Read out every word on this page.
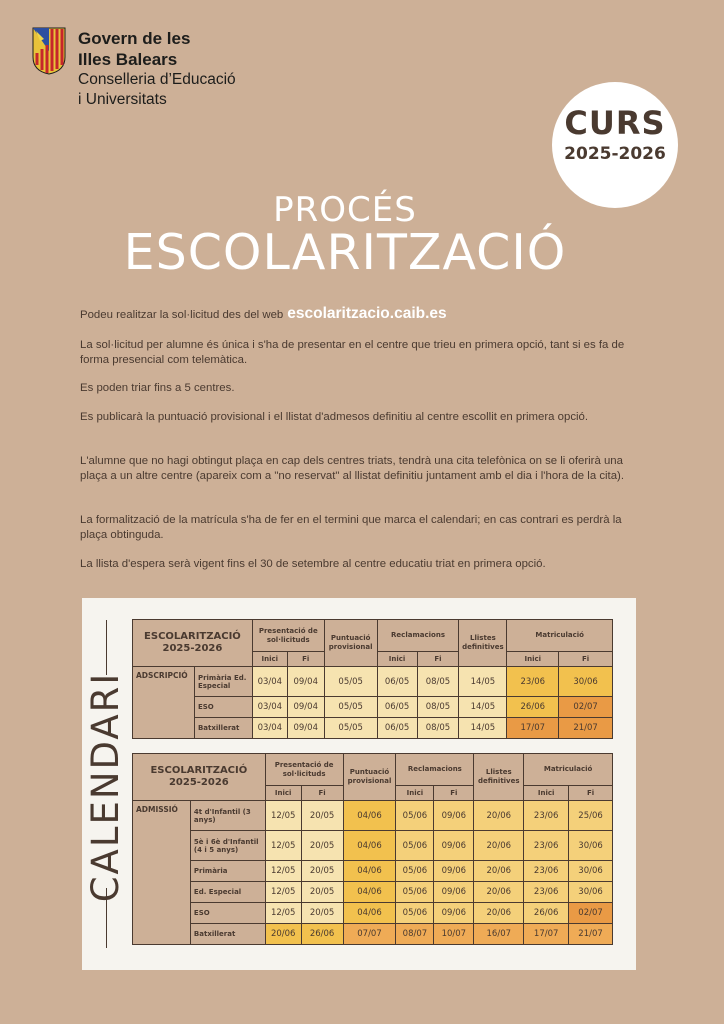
Govern de les
Illes Balears
Conselleria d’Educació
i Universitats
CURS
2025-2026
PROCÉS
ESCOLARITZACIÓ
Podeu realitzar la sol·licitud des del web escolaritzacio.caib.es
La sol·licitud per alumne és única i s'ha de presentar en el centre que trieu en primera opció, tant si es fa de forma presencial com telemàtica.
Es poden triar fins a 5 centres.
Es publicarà la puntuació provisional i el llistat d'admesos definitiu al centre escollit en primera opció.
L'alumne que no hagi obtingut plaça en cap dels centres triats, tendrà una cita telefònica on se li oferirà una plaça a un altre centre (apareix com a "no reservat" al llistat definitiu juntament amb el dia i l'hora de la cita).
La formalització de la matrícula s'ha de fer en el termini que marca el calendari; en cas contrari es perdrà la plaça obtinguda.
La llista d'espera serà vigent fins el 30 de setembre al centre educatiu triat en primera opció.
CALENDARI
ESCOLARITZACIÓ
2025-2026		Presentació de sol·licituds		Puntuació provisional	Reclamacions		Llistes definitives	Matriculació	
		Inici	Fi		Inici	Fi		Inici	Fi
ADSCRIPCIÓ	Primària Ed. Especial	03/04	09/04	05/05	06/05	08/05	14/05	23/06	30/06
	ESO	03/04	09/04	05/05	06/05	08/05	14/05	26/06	02/07
	Batxillerat	03/04	09/04	05/05	06/05	08/05	14/05	17/07	21/07
ESCOLARITZACIÓ
2025-2026		Presentació de sol·licituds		Puntuació provisional	Reclamacions		Llistes definitives	Matriculació	
		Inici	Fi		Inici	Fi		Inici	Fi
ADMISSIÓ	4t d'Infantil (3 anys)	12/05	20/05	04/06	05/06	09/06	20/06	23/06	25/06
	5è i 6è d'Infantil (4 i 5 anys)	12/05	20/05	04/06	05/06	09/06	20/06	23/06	30/06
	Primària	12/05	20/05	04/06	05/06	09/06	20/06	23/06	30/06
	Ed. Especial	12/05	20/05	04/06	05/06	09/06	20/06	23/06	30/06
	ESO	12/05	20/05	04/06	05/06	09/06	20/06	26/06	02/07
	Batxillerat	20/06	26/06	07/07	08/07	10/07	16/07	17/07	21/07
